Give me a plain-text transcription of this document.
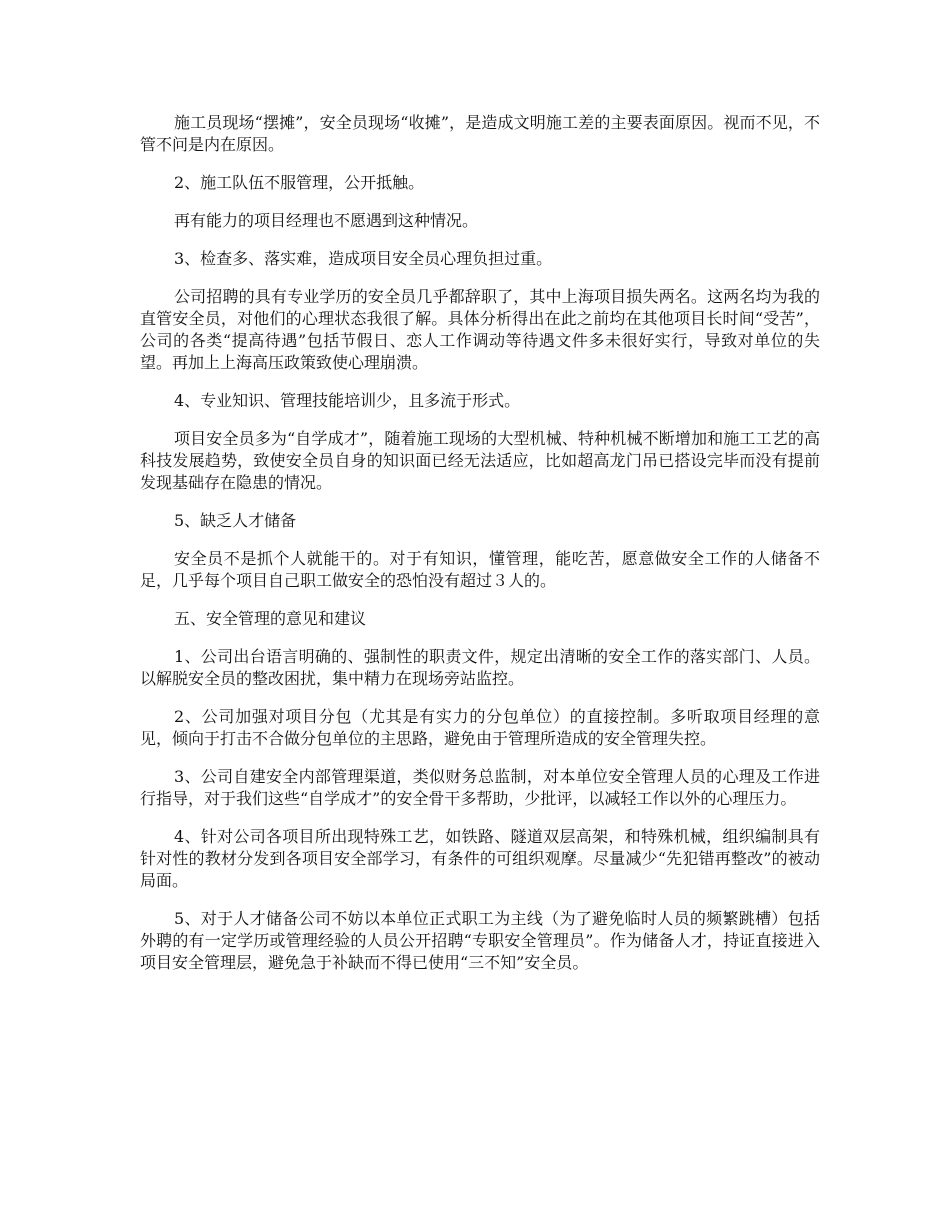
施工员现场“摆摊”，安全员现场“收摊”，是造成文明施工差的主要表面原因。视而不见，不管不问是内在原因。

2、施工队伍不服管理，公开抵触。

再有能力的项目经理也不愿遇到这种情况。

3、检查多、落实难，造成项目安全员心理负担过重。

公司招聘的具有专业学历的安全员几乎都辞职了，其中上海项目损失两名。这两名均为我的直管安全员，对他们的心理状态我很了解。具体分析得出在此之前均在其他项目长时间“受苦”，公司的各类“提高待遇”包括节假日、恋人工作调动等待遇文件多未很好实行，导致对单位的失望。再加上上海高压政策致使心理崩溃。

4、专业知识、管理技能培训少，且多流于形式。

项目安全员多为“自学成才”，随着施工现场的大型机械、特种机械不断增加和施工工艺的高科技发展趋势，致使安全员自身的知识面已经无法适应，比如超高龙门吊已搭设完毕而没有提前发现基础存在隐患的情况。

5、缺乏人才储备

安全员不是抓个人就能干的。对于有知识，懂管理，能吃苦，愿意做安全工作的人储备不足，几乎每个项目自己职工做安全的恐怕没有超过３人的。

五、安全管理的意见和建议

1、公司出台语言明确的、强制性的职责文件，规定出清晰的安全工作的落实部门、人员。以解脱安全员的整改困扰，集中精力在现场旁站监控。

2、公司加强对项目分包（尤其是有实力的分包单位）的直接控制。多听取项目经理的意见，倾向于打击不合做分包单位的主思路，避免由于管理所造成的安全管理失控。

3、公司自建安全内部管理渠道，类似财务总监制，对本单位安全管理人员的心理及工作进行指导，对于我们这些“自学成才”的安全骨干多帮助，少批评，以减轻工作以外的心理压力。

4、针对公司各项目所出现特殊工艺，如铁路、隧道双层高架，和特殊机械，组织编制具有针对性的教材分发到各项目安全部学习，有条件的可组织观摩。尽量减少“先犯错再整改”的被动局面。

5、对于人才储备公司不妨以本单位正式职工为主线（为了避免临时人员的频繁跳槽）包括外聘的有一定学历或管理经验的人员公开招聘“专职安全管理员”。作为储备人才，持证直接进入项目安全管理层，避免急于补缺而不得已使用“三不知”安全员。
